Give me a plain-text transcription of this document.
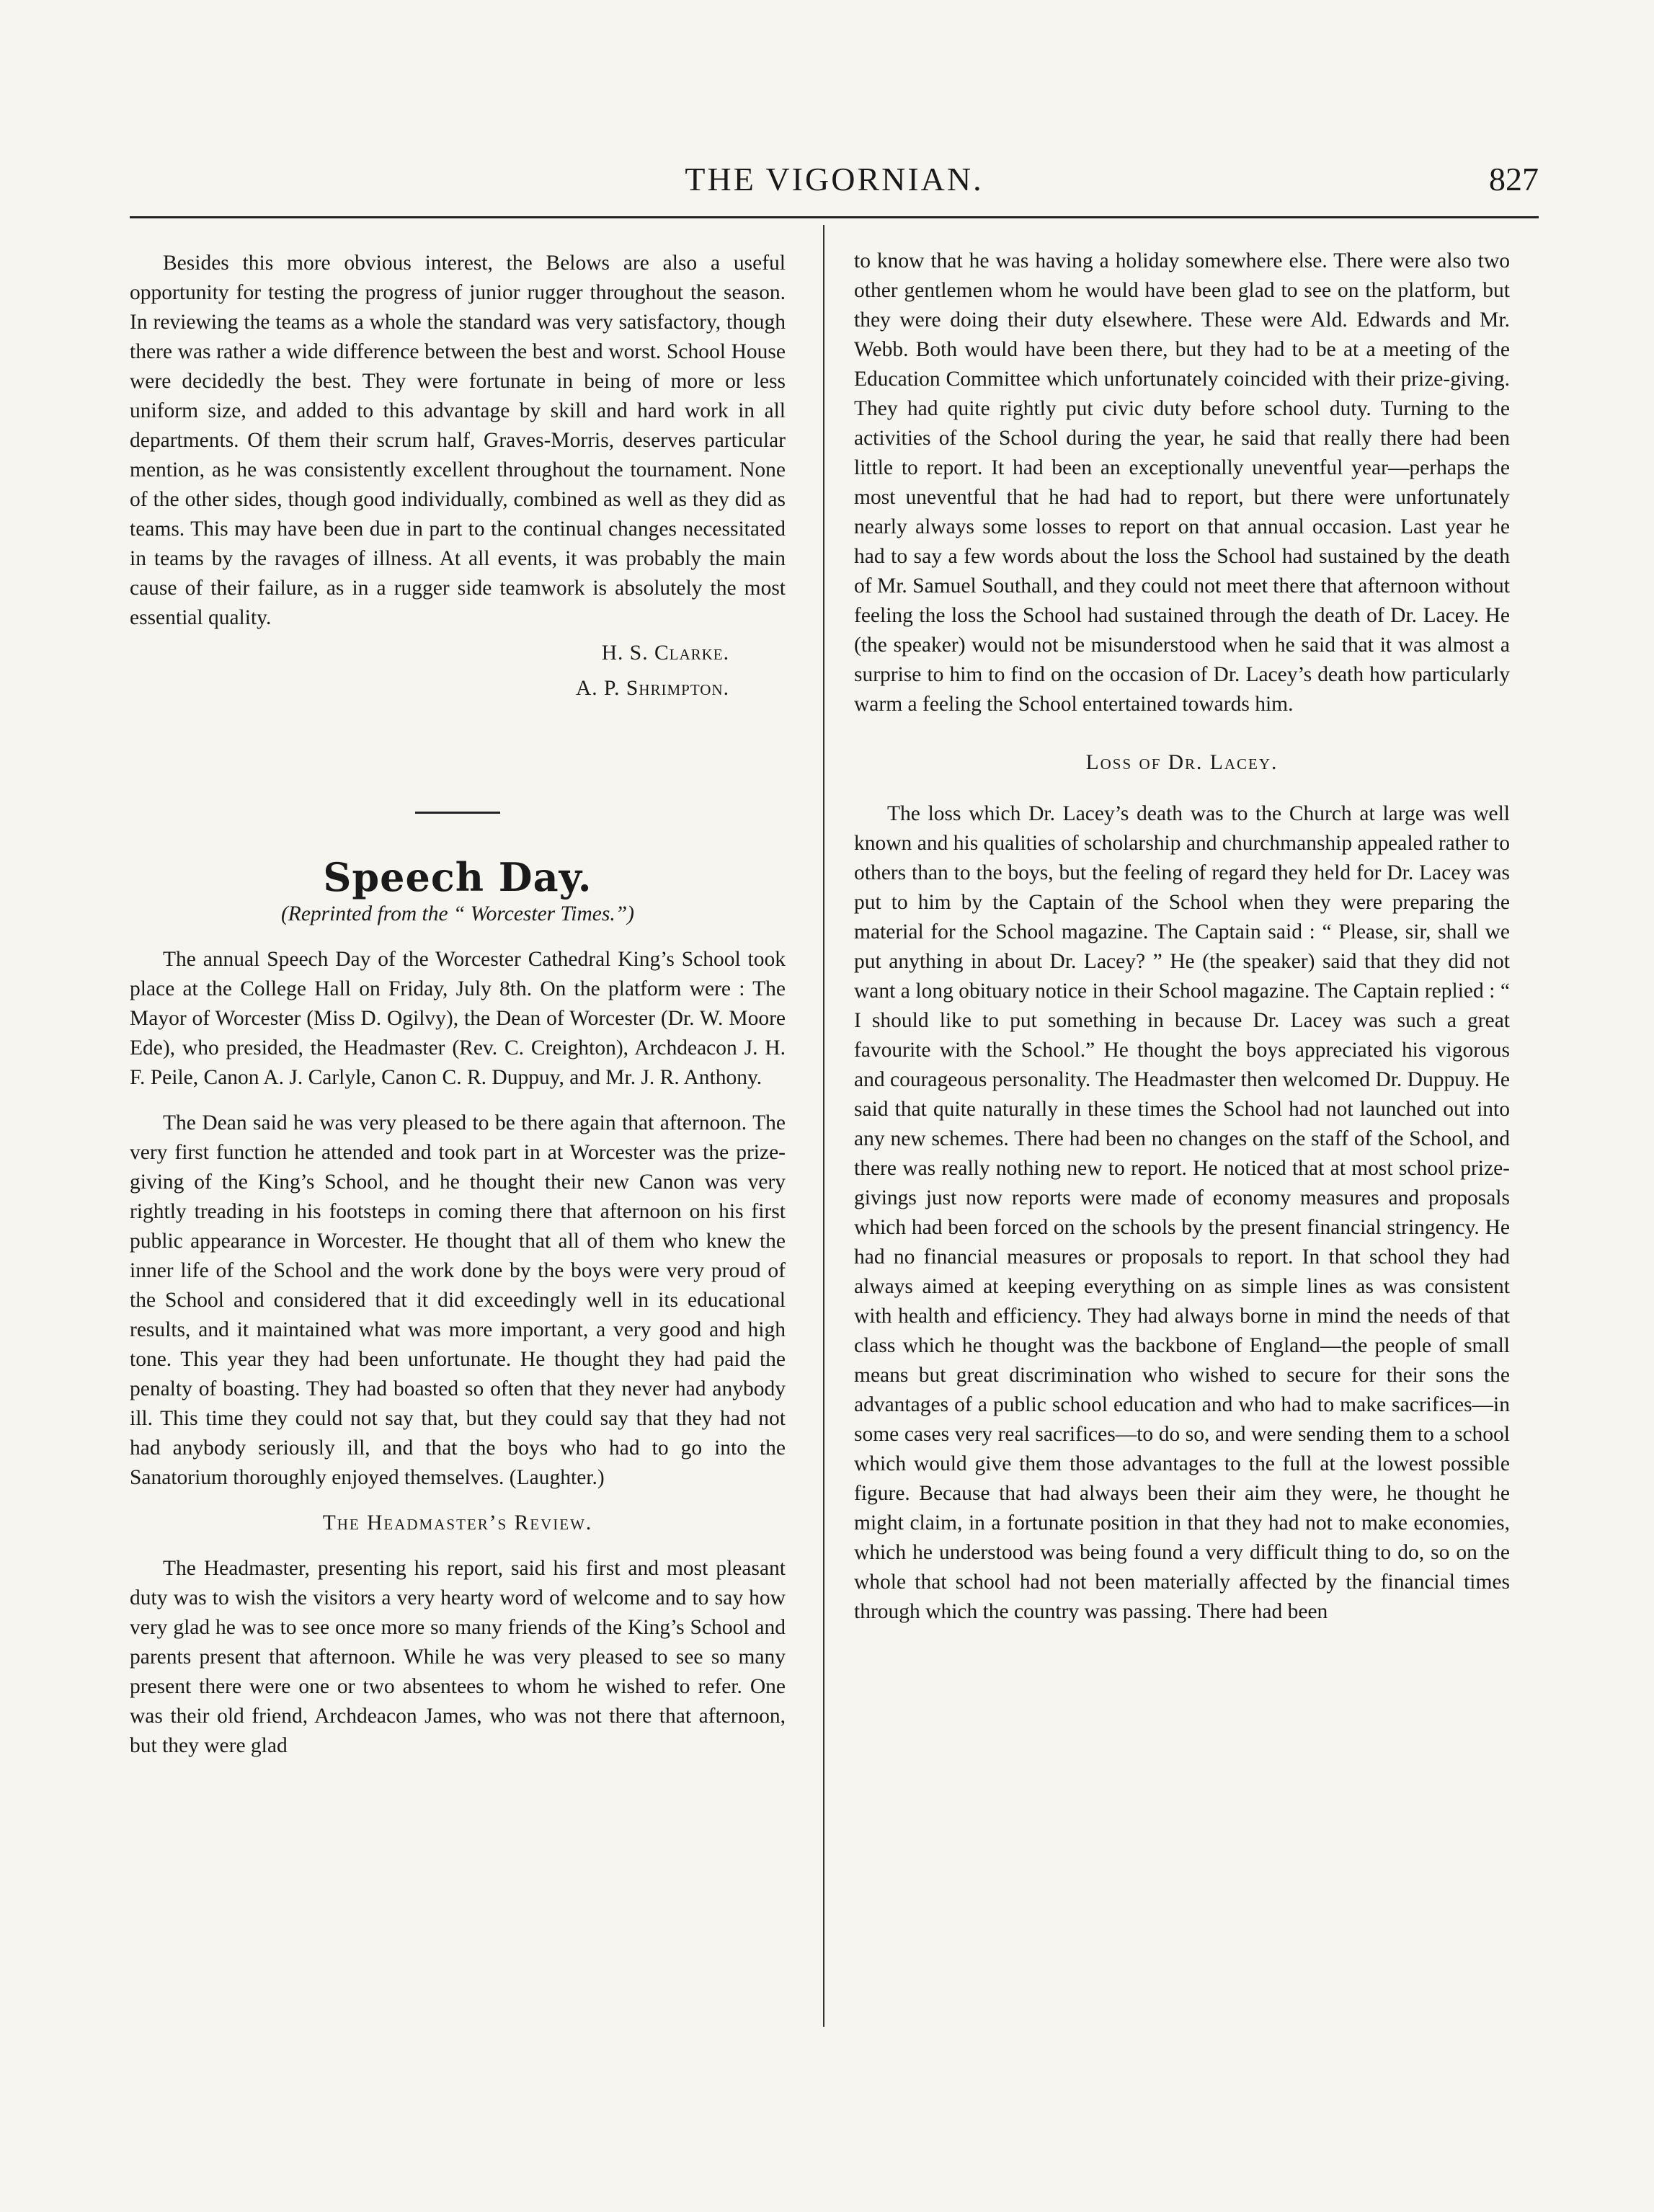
THE VIGORNIAN.	827

Besides this more obvious interest, the Belows are also a useful opportunity for testing the progress of junior rugger throughout the season. In reviewing the teams as a whole the standard was very satisfactory, though there was rather a wide difference between the best and worst. School House were decidedly the best. They were fortunate in being of more or less uniform size, and added to this advantage by skill and hard work in all departments. Of them their scrum half, Graves-Morris, deserves particular mention, as he was consistently excellent throughout the tournament. None of the other sides, though good individually, combined as well as they did as teams. This may have been due in part to the continual changes necessitated in teams by the ravages of illness. At all events, it was probably the main cause of their failure, as in a rugger side teamwork is absolutely the most essential quality.

H. S. Clarke.
A. P. Shrimpton.
Speech Day.
(Reprinted from the “ Worcester Times.”)

The annual Speech Day of the Worcester Cathedral King’s School took place at the College Hall on Friday, July 8th. On the platform were : The Mayor of Worcester (Miss D. Ogilvy), the Dean of Worcester (Dr. W. Moore Ede), who presided, the Headmaster (Rev. C. Creighton), Archdeacon J. H. F. Peile, Canon A. J. Carlyle, Canon C. R. Duppuy, and Mr. J. R. Anthony.

The Dean said he was very pleased to be there again that afternoon. The very first function he attended and took part in at Worcester was the prize-giving of the King’s School, and he thought their new Canon was very rightly treading in his footsteps in coming there that afternoon on his first public appearance in Worcester. He thought that all of them who knew the inner life of the School and the work done by the boys were very proud of the School and considered that it did exceedingly well in its educational results, and it maintained what was more important, a very good and high tone. This year they had been unfortunate. He thought they had paid the penalty of boasting. They had boasted so often that they never had anybody ill. This time they could not say that, but they could say that they had not had anybody seriously ill, and that the boys who had to go into the Sanatorium thoroughly enjoyed themselves. (Laughter.)

The Headmaster’s Review.

The Headmaster, presenting his report, said his first and most pleasant duty was to wish the visitors a very hearty word of welcome and to say how very glad he was to see once more so many friends of the King’s School and parents present that afternoon. While he was very pleased to see so many present there were one or two absentees to whom he wished to refer. One was their old friend, Archdeacon James, who was not there that afternoon, but they were glad

to know that he was having a holiday somewhere else. There were also two other gentlemen whom he would have been glad to see on the platform, but they were doing their duty elsewhere. These were Ald. Edwards and Mr. Webb. Both would have been there, but they had to be at a meeting of the Education Committee which unfortunately coincided with their prize-giving. They had quite rightly put civic duty before school duty. Turning to the activities of the School during the year, he said that really there had been little to report. It had been an exceptionally uneventful year—perhaps the most uneventful that he had had to report, but there were unfortunately nearly always some losses to report on that annual occasion. Last year he had to say a few words about the loss the School had sustained by the death of Mr. Samuel Southall, and they could not meet there that afternoon without feeling the loss the School had sustained through the death of Dr. Lacey. He (the speaker) would not be misunderstood when he said that it was almost a surprise to him to find on the occasion of Dr. Lacey’s death how particularly warm a feeling the School entertained towards him.

Loss of Dr. Lacey.

The loss which Dr. Lacey’s death was to the Church at large was well known and his qualities of scholarship and churchmanship appealed rather to others than to the boys, but the feeling of regard they held for Dr. Lacey was put to him by the Captain of the School when they were preparing the material for the School magazine. The Captain said : “ Please, sir, shall we put anything in about Dr. Lacey? ” He (the speaker) said that they did not want a long obituary notice in their School magazine. The Captain replied : “ I should like to put something in because Dr. Lacey was such a great favourite with the School.” He thought the boys appreciated his vigorous and courageous personality. The Headmaster then welcomed Dr. Duppuy. He said that quite naturally in these times the School had not launched out into any new schemes. There had been no changes on the staff of the School, and there was really nothing new to report. He noticed that at most school prize-givings just now reports were made of economy measures and proposals which had been forced on the schools by the present financial stringency. He had no financial measures or proposals to report. In that school they had always aimed at keeping everything on as simple lines as was consistent with health and efficiency. They had always borne in mind the needs of that class which he thought was the backbone of England—the people of small means but great discrimination who wished to secure for their sons the advantages of a public school education and who had to make sacrifices—in some cases very real sacrifices—to do so, and were sending them to a school which would give them those advantages to the full at the lowest possible figure. Because that had always been their aim they were, he thought he might claim, in a fortunate position in that they had not to make economies, which he understood was being found a very difficult thing to do, so on the whole that school had not been materially affected by the financial times through which the country was passing. There had been
